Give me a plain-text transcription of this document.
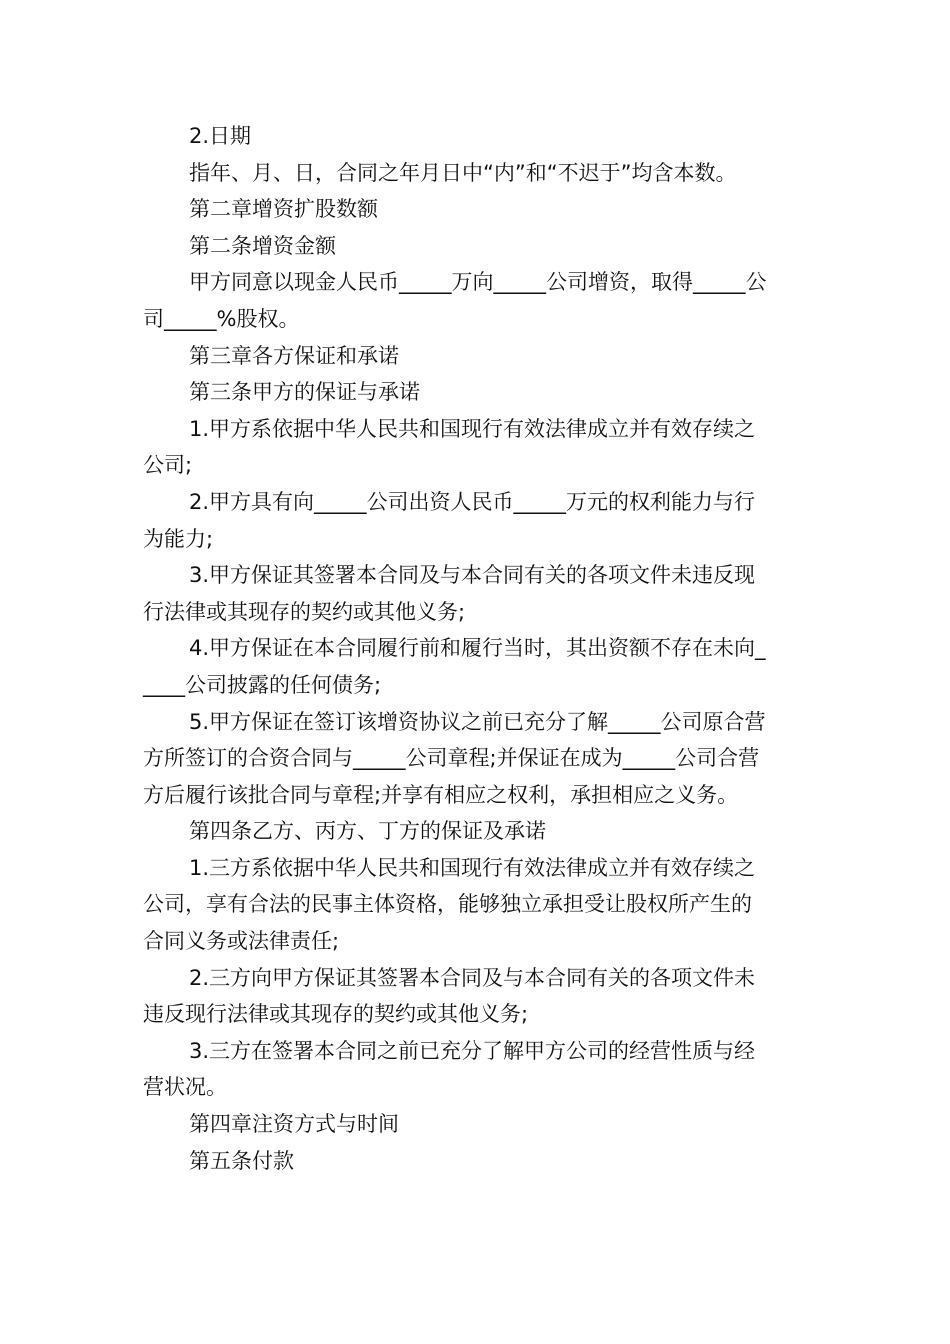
2.日期

指年、月、日，合同之年月日中“内”和“不迟于”均含本数。

第二章增资扩股数额

第二条增资金额

甲方同意以现金人民币_____万向_____公司增资，取得_____公

司_____%股权。

第三章各方保证和承诺

第三条甲方的保证与承诺

1.甲方系依据中华人民共和国现行有效法律成立并有效存续之

公司;

2.甲方具有向_____公司出资人民币_____万元的权利能力与行

为能力;

3.甲方保证其签署本合同及与本合同有关的各项文件未违反现

行法律或其现存的契约或其他义务;

4.甲方保证在本合同履行前和履行当时，其出资额不存在未向_

____公司披露的任何债务;

5.甲方保证在签订该增资协议之前已充分了解_____公司原合营

方所签订的合资合同与_____公司章程;并保证在成为_____公司合营

方后履行该批合同与章程;并享有相应之权利，承担相应之义务。

第四条乙方、丙方、丁方的保证及承诺

1.三方系依据中华人民共和国现行有效法律成立并有效存续之

公司，享有合法的民事主体资格，能够独立承担受让股权所产生的

合同义务或法律责任;

2.三方向甲方保证其签署本合同及与本合同有关的各项文件未

违反现行法律或其现存的契约或其他义务;

3.三方在签署本合同之前已充分了解甲方公司的经营性质与经

营状况。

第四章注资方式与时间

第五条付款
